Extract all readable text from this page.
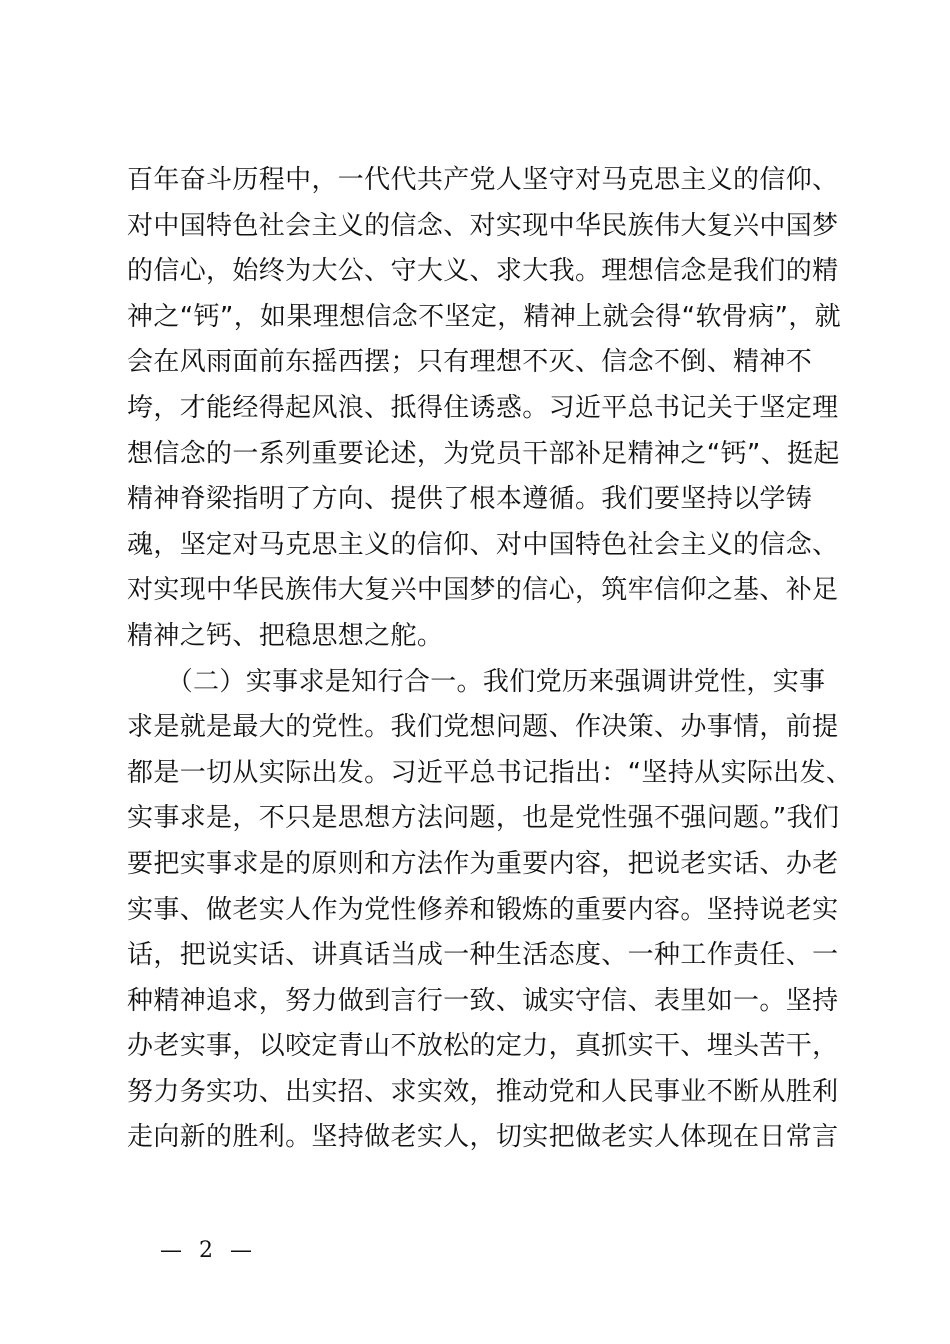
百年奋斗历程中，一代代共产党人坚守对马克思主义的信仰、
对中国特色社会主义的信念、对实现中华民族伟大复兴中国梦
的信心，始终为大公、守大义、求大我。理想信念是我们的精
神之“钙”，如果理想信念不坚定，精神上就会得“软骨病”，就
会在风雨面前东摇西摆；只有理想不灭、信念不倒、精神不
垮，才能经得起风浪、抵得住诱惑。习近平总书记关于坚定理
想信念的一系列重要论述，为党员干部补足精神之“钙”、挺起
精神脊梁指明了方向、提供了根本遵循。我们要坚持以学铸
魂，坚定对马克思主义的信仰、对中国特色社会主义的信念、
对实现中华民族伟大复兴中国梦的信心，筑牢信仰之基、补足
精神之钙、把稳思想之舵。
　　（二）实事求是知行合一。我们党历来强调讲党性，实事
求是就是最大的党性。我们党想问题、作决策、办事情，前提
都是一切从实际出发。习近平总书记指出：“坚持从实际出发、
实事求是，不只是思想方法问题，也是党性强不强问题。”我们
要把实事求是的原则和方法作为重要内容，把说老实话、办老
实事、做老实人作为党性修养和锻炼的重要内容。坚持说老实
话，把说实话、讲真话当成一种生活态度、一种工作责任、一
种精神追求，努力做到言行一致、诚实守信、表里如一。坚持
办老实事，以咬定青山不放松的定力，真抓实干、埋头苦干，
努力务实功、出实招、求实效，推动党和人民事业不断从胜利
走向新的胜利。坚持做老实人，切实把做老实人体现在日常言
— 2 —
